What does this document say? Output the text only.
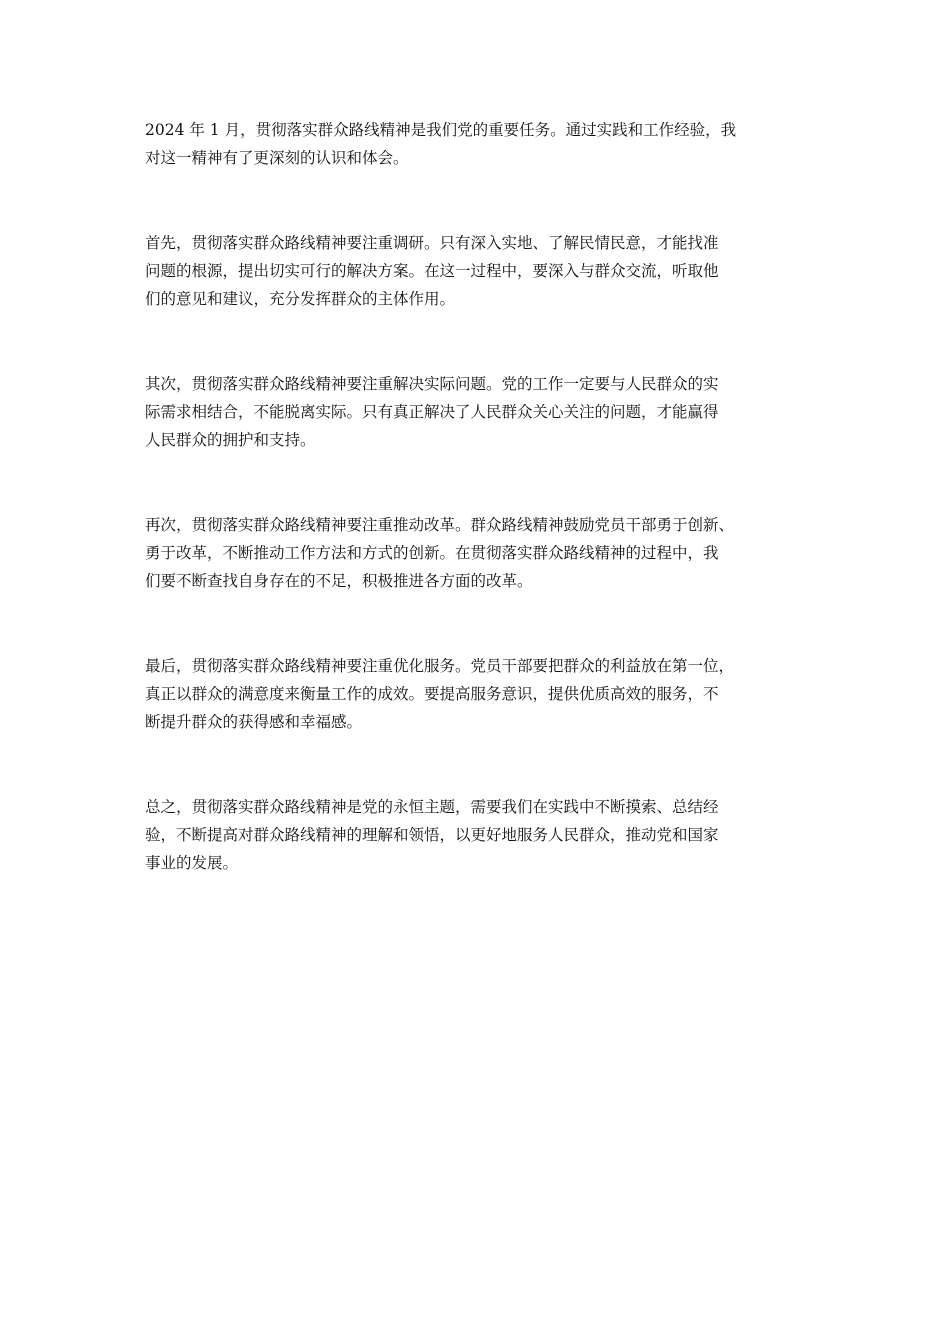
2024 年 1 月，贯彻落实群众路线精神是我们党的重要任务。通过实践和工作经验，我
对这一精神有了更深刻的认识和体会。

首先，贯彻落实群众路线精神要注重调研。只有深入实地、了解民情民意，才能找准
问题的根源，提出切实可行的解决方案。在这一过程中，要深入与群众交流，听取他
们的意见和建议，充分发挥群众的主体作用。

其次，贯彻落实群众路线精神要注重解决实际问题。党的工作一定要与人民群众的实
际需求相结合，不能脱离实际。只有真正解决了人民群众关心关注的问题，才能赢得
人民群众的拥护和支持。

再次，贯彻落实群众路线精神要注重推动改革。群众路线精神鼓励党员干部勇于创新、
勇于改革，不断推动工作方法和方式的创新。在贯彻落实群众路线精神的过程中，我
们要不断查找自身存在的不足，积极推进各方面的改革。

最后，贯彻落实群众路线精神要注重优化服务。党员干部要把群众的利益放在第一位，
真正以群众的满意度来衡量工作的成效。要提高服务意识，提供优质高效的服务，不
断提升群众的获得感和幸福感。

总之，贯彻落实群众路线精神是党的永恒主题，需要我们在实践中不断摸索、总结经
验，不断提高对群众路线精神的理解和领悟，以更好地服务人民群众，推动党和国家
事业的发展。
